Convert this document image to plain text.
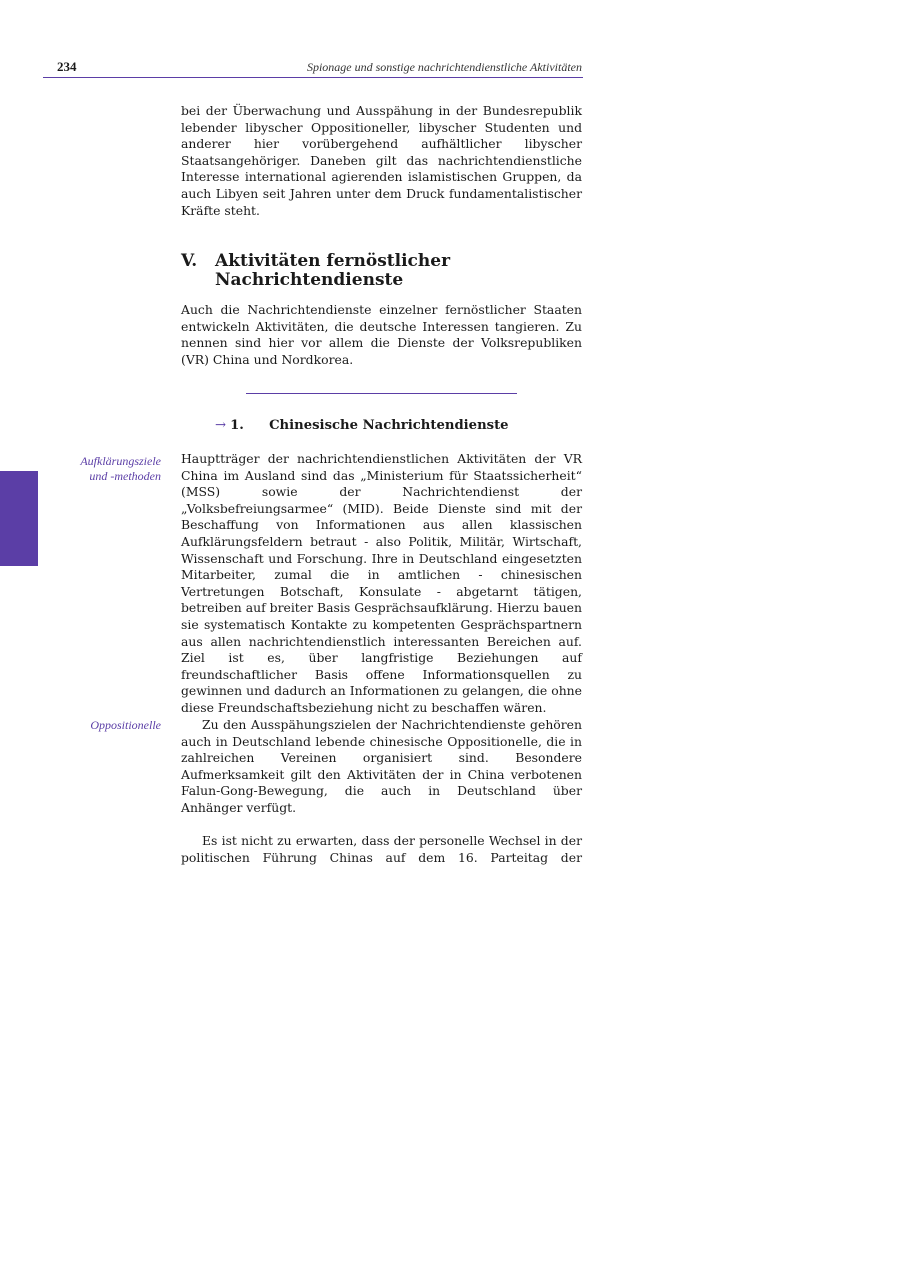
234	Spionage und sonstige nachrichtendienstliche Aktivitäten

bei der Überwachung und Ausspähung in der Bundesrepublik lebender libyscher Oppositioneller, libyscher Studenten und anderer hier vorübergehend aufhältlicher libyscher Staatsangehöriger. Daneben gilt das nachrichtendienstliche Interesse international agierenden islamistischen Gruppen, da auch Libyen seit Jahren unter dem Druck fundamentalistischer Kräfte steht.

V.	Aktivitäten fernöstlicher Nachrichtendienste

Auch die Nachrichtendienste einzelner fernöstlicher Staaten entwickeln Aktivitäten, die deutsche Interessen tangieren. Zu nennen sind hier vor allem die Dienste der Volksrepubliken (VR) China und Nordkorea.

→ 1.	Chinesische Nachrichtendienste
Aufklärungsziele und -methoden

Hauptträger der nachrichtendienstlichen Aktivitäten der VR China im Ausland sind das „Ministerium für Staatssicherheit“ (MSS) sowie der Nachrichtendienst der „Volksbefreiungsarmee“ (MID). Beide Dienste sind mit der Beschaffung von Informationen aus allen klassischen Aufklärungsfeldern betraut - also Politik, Militär, Wirtschaft, Wissenschaft und Forschung. Ihre in Deutschland eingesetzten Mitarbeiter, zumal die in amtlichen - chinesischen Vertretungen Botschaft, Konsulate - abgetarnt tätigen, betreiben auf breiter Basis Gesprächsaufklärung. Hierzu bauen sie systematisch Kontakte zu kompetenten Gesprächspartnern aus allen nachrichtendienstlich interessanten Bereichen auf. Ziel ist es, über langfristige Beziehungen auf freundschaftlicher Basis offene Informationsquellen zu gewinnen und dadurch an Informationen zu gelangen, die ohne diese Freundschaftsbeziehung nicht zu beschaffen wären.

Oppositionelle	Zu den Ausspähungszielen der Nachrichtendienste gehören auch in Deutschland lebende chinesische Oppositionelle, die in zahlreichen Vereinen organisiert sind. Besondere Aufmerksamkeit gilt den Aktivitäten der in China verbotenen Falun-Gong-Bewegung, die auch in Deutschland über Anhänger verfügt.

Es ist nicht zu erwarten, dass der personelle Wechsel in der politischen Führung Chinas auf dem 16. Parteitag der
